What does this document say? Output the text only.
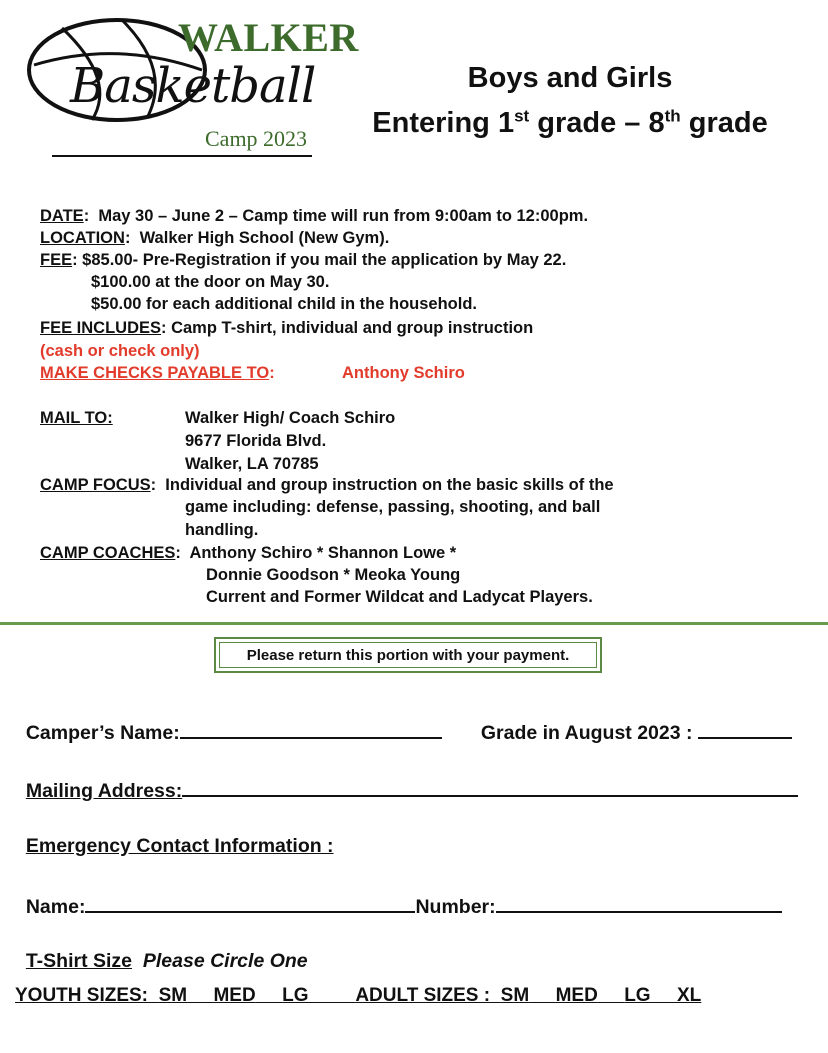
WALKER
Basketball
Camp 2023
Boys and Girls
Entering 1st grade – 8th grade
DATE:  May 30 – June 2 – Camp time will run from 9:00am to 12:00pm.
LOCATION:  Walker High School (New Gym).
FEE: $85.00- Pre-Registration if you mail the application by May 22.
$100.00 at the door on May 30.
$50.00 for each additional child in the household.
FEE INCLUDES: Camp T-shirt, individual and group instruction
(cash or check only)
MAKE CHECKS PAYABLE TO:	Anthony Schiro
MAIL TO:	Walker High/ Coach Schiro
9677 Florida Blvd.
Walker, LA 70785
CAMP FOCUS:  Individual and group instruction on the basic skills of the
game including: defense, passing, shooting, and ball
handling.
CAMP COACHES:  Anthony Schiro * Shannon Lowe *
Donnie Goodson * Meoka Young
Current and Former Wildcat and Ladycat Players.
Please return this portion with your payment.

Camper’s Name:	Grade in August 2023 :

Mailing Address:

Emergency Contact Information :

Name:	Number:

T-Shirt Size Please Circle One

YOUTH SIZES: SM MED LG ADULT SIZES : SM MED LG XL
